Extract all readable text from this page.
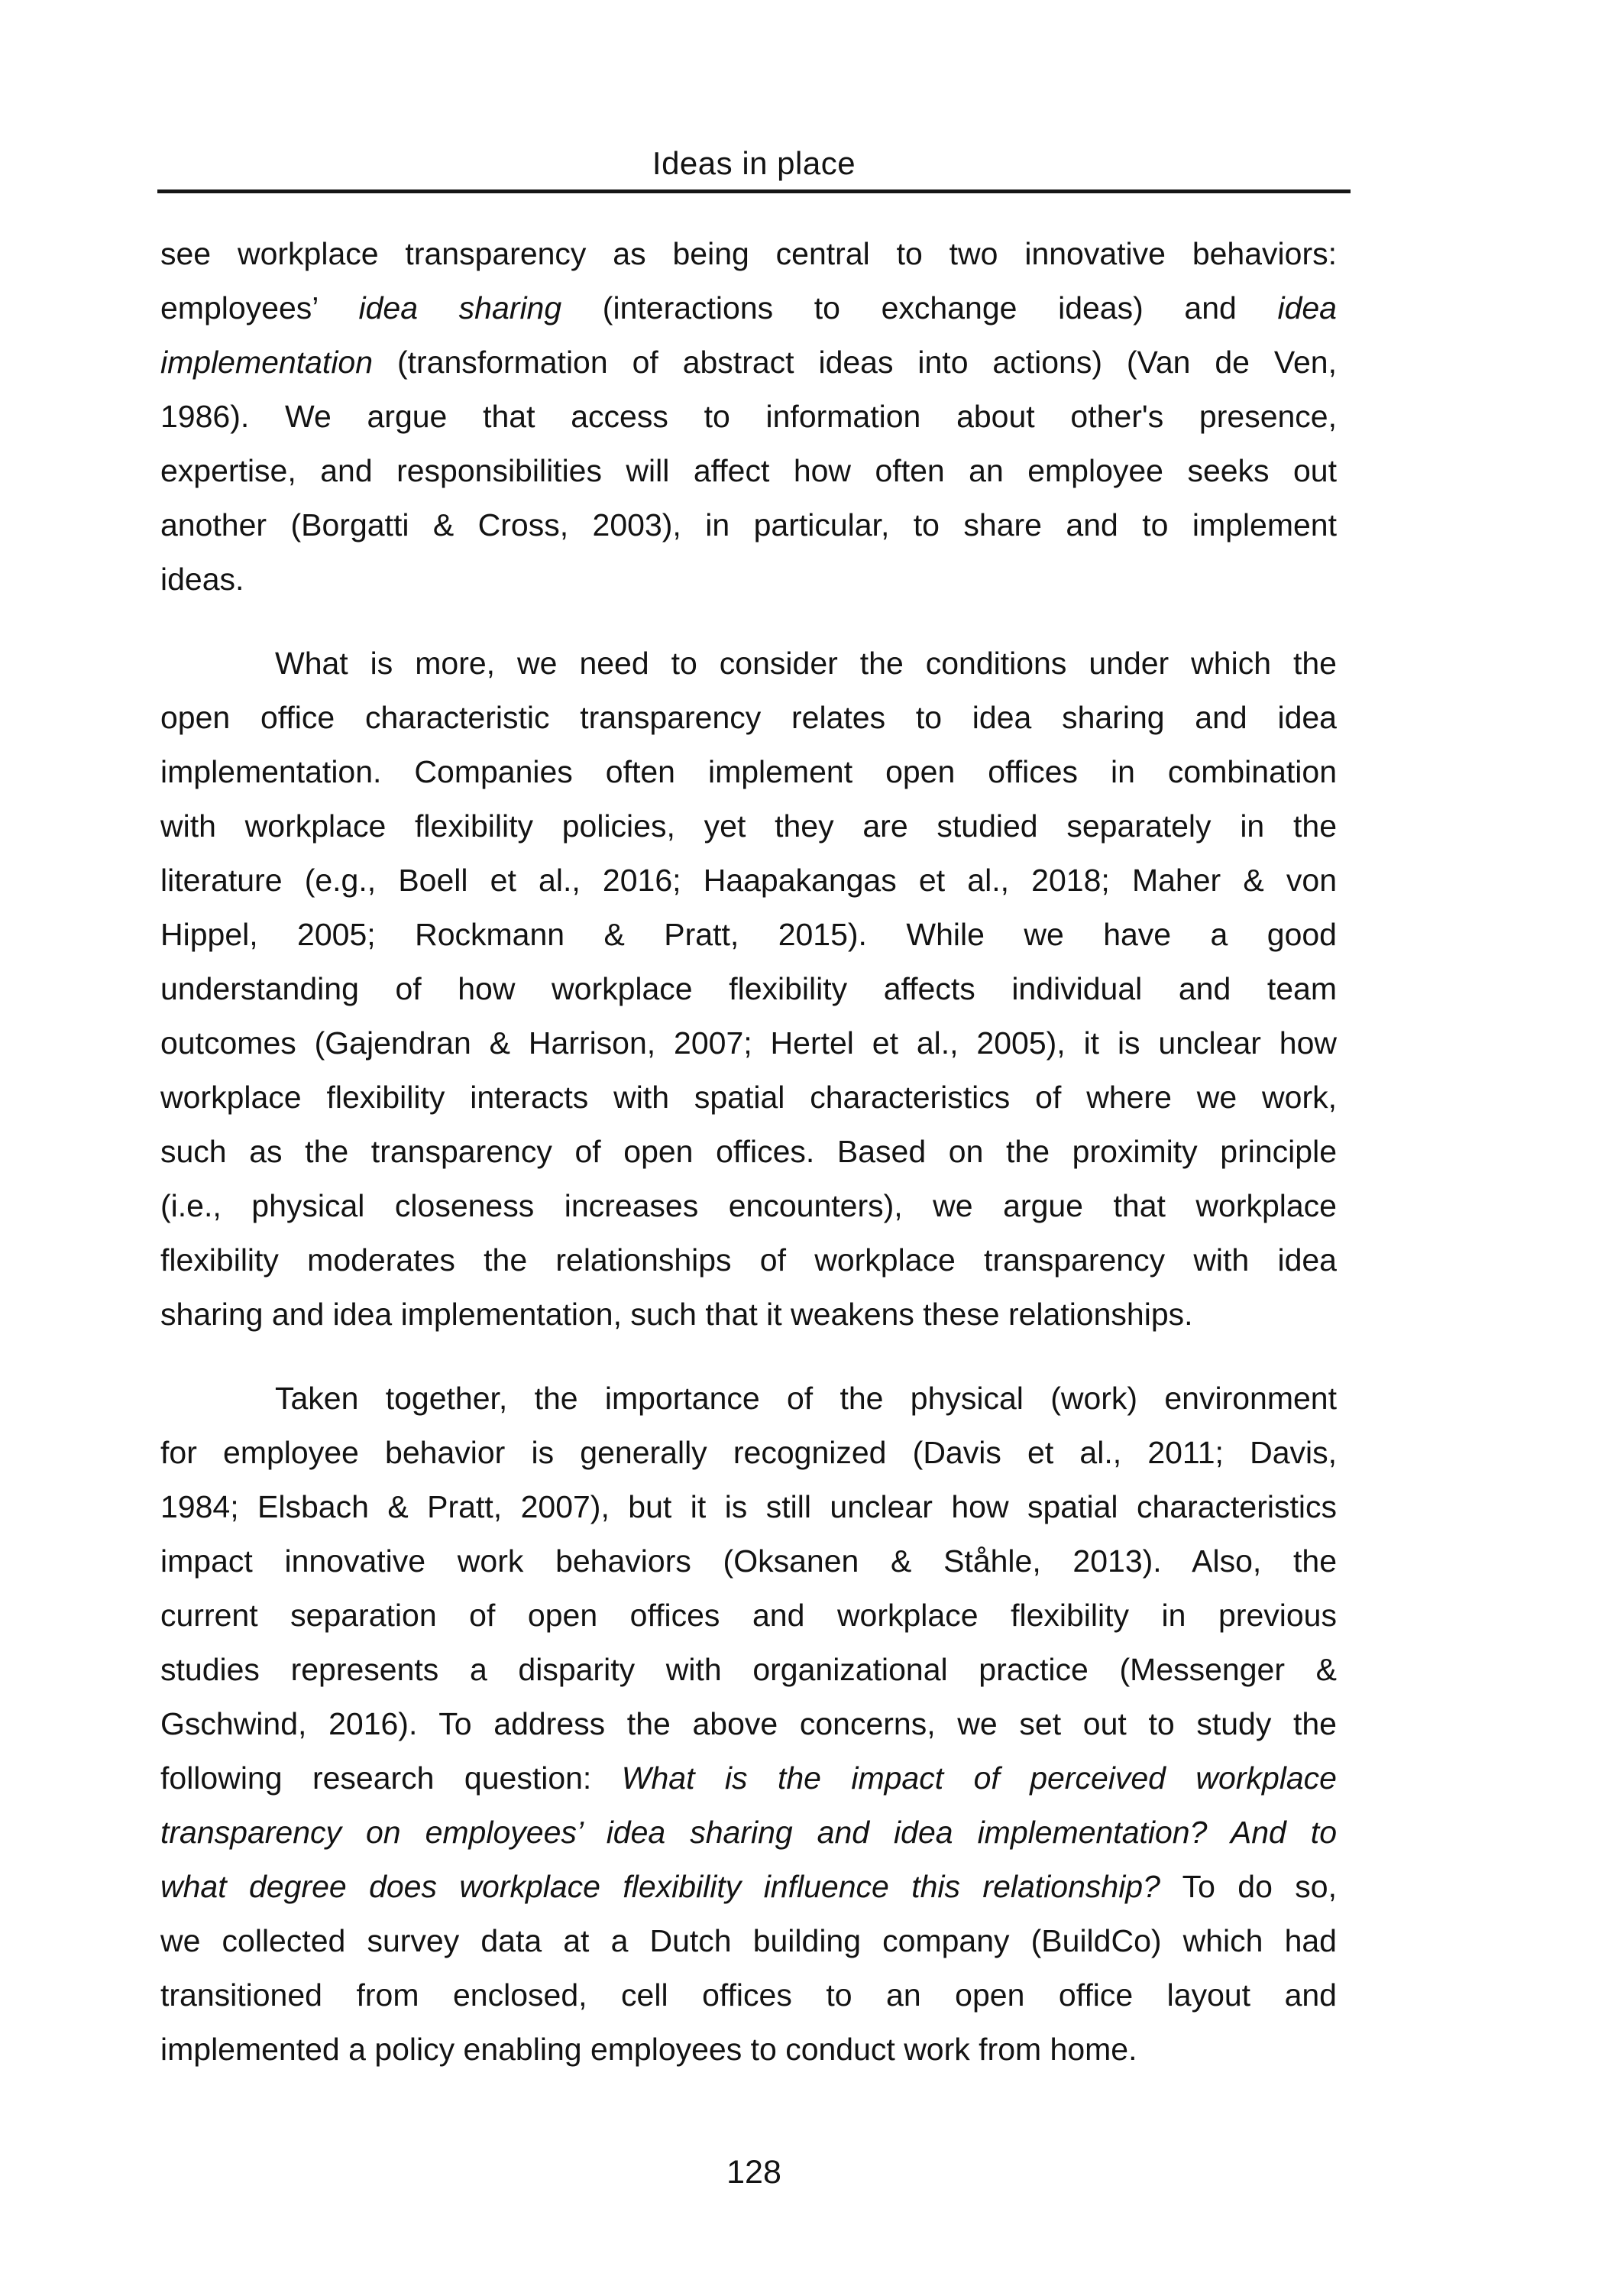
Ideas in place
see workplace transparency as being central to two innovative behaviors:
employees’ idea sharing (interactions to exchange ideas) and idea
implementation (transformation of abstract ideas into actions) (Van de Ven,
1986). We argue that access to information about other's presence,
expertise, and responsibilities will affect how often an employee seeks out
another (Borgatti & Cross, 2003), in particular, to share and to implement
ideas.
What is more, we need to consider the conditions under which the
open office characteristic transparency relates to idea sharing and idea
implementation. Companies often implement open offices in combination
with workplace flexibility policies, yet they are studied separately in the
literature (e.g., Boell et al., 2016; Haapakangas et al., 2018; Maher & von
Hippel, 2005; Rockmann & Pratt, 2015). While we have a good
understanding of how workplace flexibility affects individual and team
outcomes (Gajendran & Harrison, 2007; Hertel et al., 2005), it is unclear how
workplace flexibility interacts with spatial characteristics of where we work,
such as the transparency of open offices. Based on the proximity principle
(i.e., physical closeness increases encounters), we argue that workplace
flexibility moderates the relationships of workplace transparency with idea
sharing and idea implementation, such that it weakens these relationships.
Taken together, the importance of the physical (work) environment
for employee behavior is generally recognized (Davis et al., 2011; Davis,
1984; Elsbach & Pratt, 2007), but it is still unclear how spatial characteristics
impact innovative work behaviors (Oksanen & Ståhle, 2013). Also, the
current separation of open offices and workplace flexibility in previous
studies represents a disparity with organizational practice (Messenger &
Gschwind, 2016). To address the above concerns, we set out to study the
following research question: What is the impact of perceived workplace
transparency on employees’ idea sharing and idea implementation? And to
what degree does workplace flexibility influence this relationship? To do so,
we collected survey data at a Dutch building company (BuildCo) which had
transitioned from enclosed, cell offices to an open office layout and
implemented a policy enabling employees to conduct work from home.
128
